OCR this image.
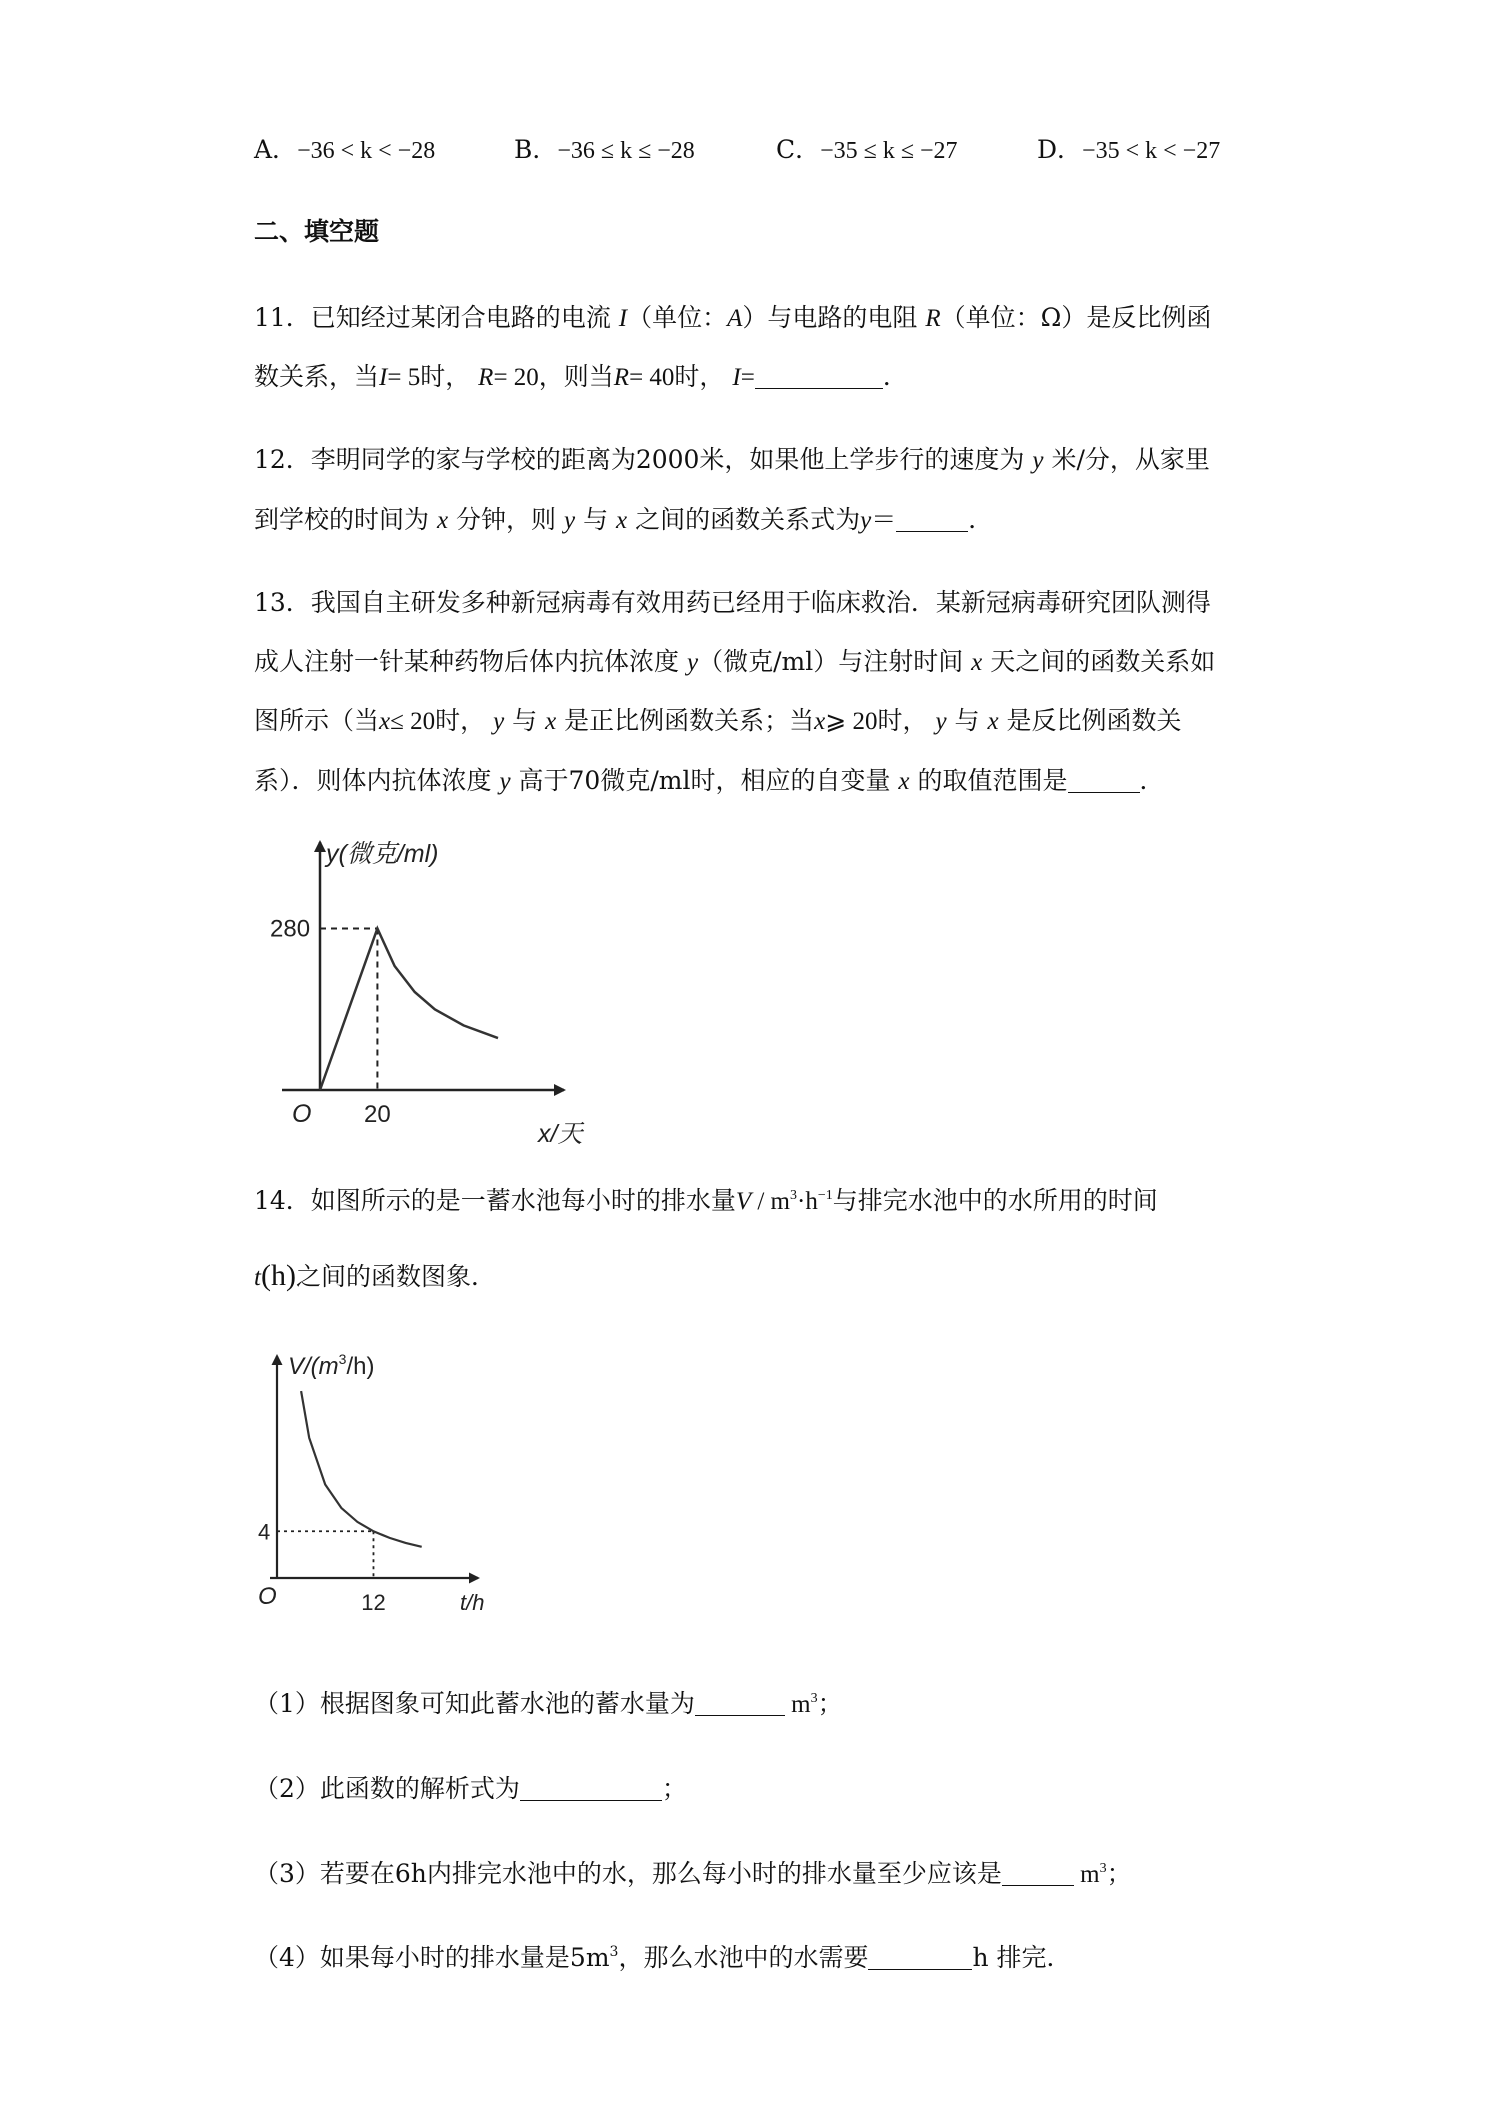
A．−36 < k < −28	B．−36 ≤ k ≤ −28	C．−35 ≤ k ≤ −27	D．−35 < k < −27
二、填空题
11．已知经过某闭合电路的电流 I（单位：A）与电路的电阻 R（单位：Ω）是反比例函
数关系，当I= 5时， R= 20，则当R= 40时， I=	．
12．李明同学的家与学校的距离为2000米，如果他上学步行的速度为 y 米/分，从家里
到学校的时间为 x 分钟，则 y 与 x 之间的函数关系式为y＝	．
13．我国自主研发多种新冠病毒有效用药已经用于临床救治．某新冠病毒研究团队测得
成人注射一针某种药物后体内抗体浓度 y（微克/ml）与注射时间 x 天之间的函数关系如
图所示（当x≤ 20时， y 与 x 是正比例函数关系；当x⩾ 20时， y 与 x 是反比例函数关
系）．则体内抗体浓度 y 高于70微克/ml时，相应的自变量 x 的取值范围是	．
y(微克/ml)
280
20
O
x/天
14．如图所示的是一蓄水池每小时的排水量$V / m^3\cdot h^{-1}$与排完水池中的水所用的时间
t(h)之间的函数图象．
$V/(m^3/h)$
4
12
O	t/h
（1）根据图象可知此蓄水池的蓄水量为	$m^3$；
（2）此函数的解析式为	；
（3）若要在6h内排完水池中的水，那么每小时的排水量至少应该是	$m^3$；
（4）如果每小时的排水量是$5m^3$，那么水池中的水需要	h 排完．
